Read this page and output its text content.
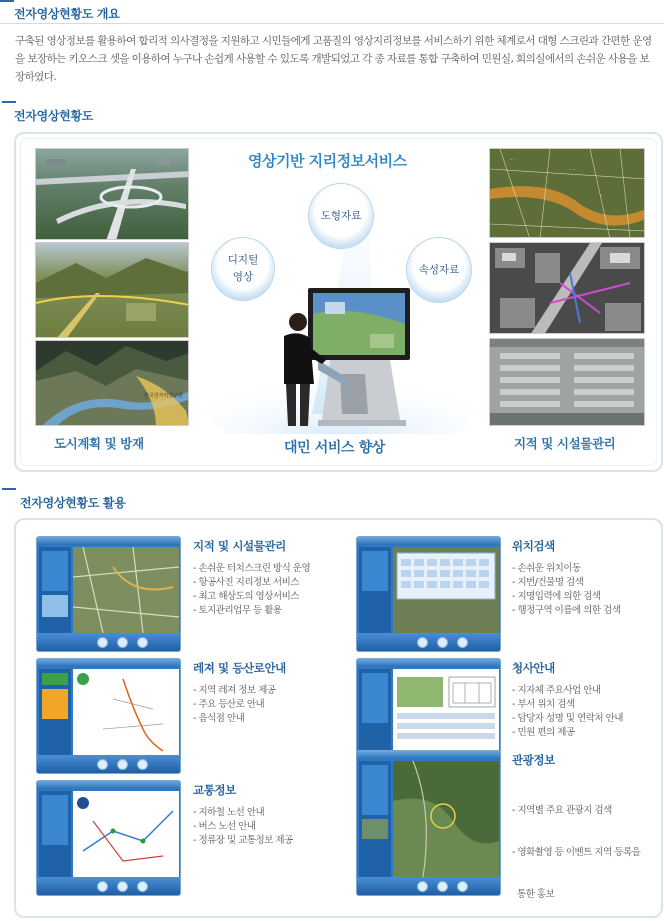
전자영상현황도 개요

구축된 영상정보를 활용하여 합리적 의사결정을 지원하고 시민들에게 고품질의 영상지리정보를 서비스하기 위한 체계로서 대형 스크린과 간편한 운영을 보장하는 키오스크 셋을 이용하여 누구나 손쉽게 사용할 수 있도록 개발되었고 각 종 자료를 통합 구축하여 민원실, 회의실에서의 손쉬운 사용을 보장하였다.

전자영상현황도
한국원자력연구원
·· ·
· ··
··
영상기반 지리정보서비스
디지털
영상
도형자료
속성자료
도시계획 및 방재	대민 서비스 향상	지적 및 시설물관리
전자영상현황도 활용
지적 및 시설물관리
- 손쉬운 터치스크린 방식 운영
- 항공사진 지리정보 서비스
- 최고 해상도의 영상서비스
- 토지관리업무 등 활용
위치검색
- 손쉬운 위치이동
- 지번/건물명 검색
- 지명입력에 의한 검색
- 행정구역 이름에 의한 검색
레져 및 등산로안내
- 지역 레져 정보 제공
- 주요 등산로 안내
- 음식점 안내
청사안내
- 지자체 주요사업 안내
- 부서 위치 검색
- 담당자 성명 및 연락처 안내
- 민원 편의 제공
교통정보
- 지하철 노선 안내
- 버스 노선 안내
- 정류장 및 교통정보 제공
관광정보

- 지역별 주요 관광지 검색

- 영화촬영 등 이벤트 지역 등록을

통한 홍보
